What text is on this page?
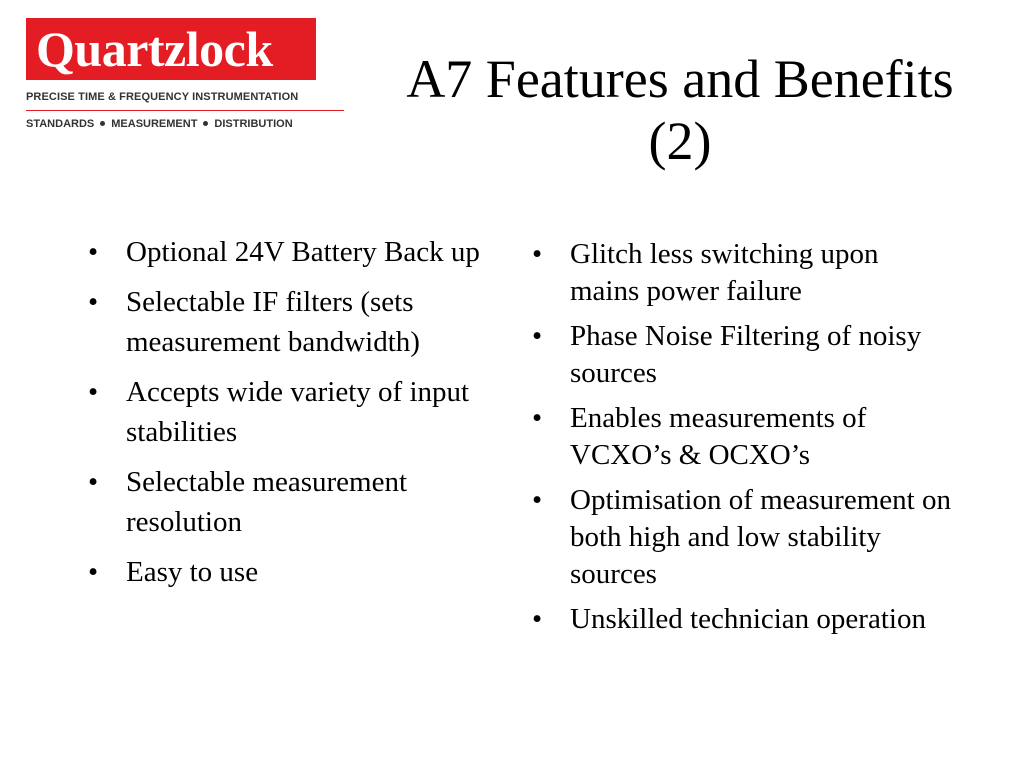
Quartzlock
PRECISE TIME & FREQUENCY INSTRUMENTATION
STANDARDS MEASUREMENT DISTRIBUTION
A7 Features and Benefits
(2)
• Optional 24V Battery Back up
• Selectable IF filters (sets measurement bandwidth)
• Accepts wide variety of input stabilities
• Selectable measurement resolution
• Easy to use
• Glitch less switching upon mains power failure
• Phase Noise Filtering of noisy sources
• Enables measurements of VCXO’s & OCXO’s
• Optimisation of measurement on both high and low stability sources
• Unskilled technician operation
